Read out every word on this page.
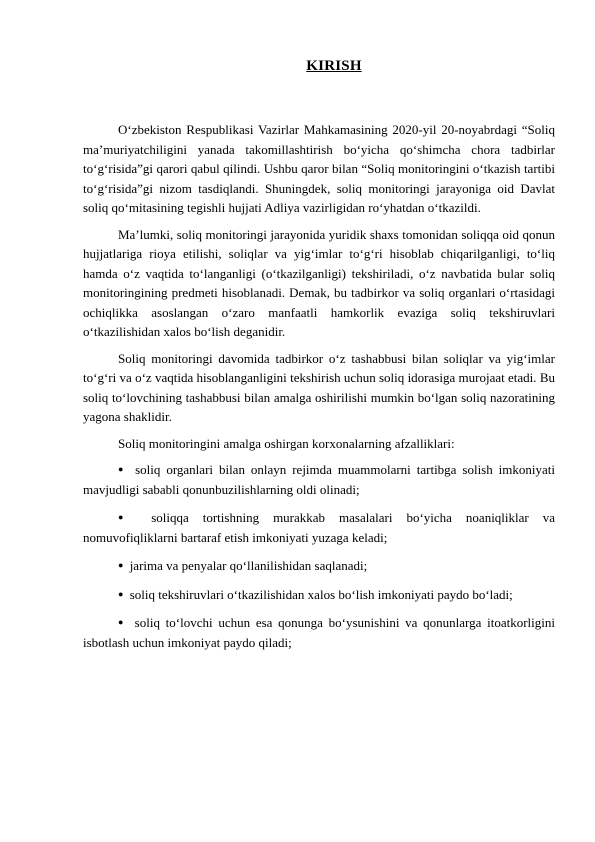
KIRISH

O‘zbekiston Respublikasi Vazirlar Mahkamasining 2020-yil 20-noyabrdagi “Soliq ma’muriyatchiligini yanada takomillashtirish bo‘yicha qo‘shimcha chora tadbirlar to‘g‘risida”gi qarori qabul qilindi. Ushbu qaror bilan “Soliq monitoringini o‘tkazish tartibi to‘g‘risida”gi nizom tasdiqlandi. Shuningdek, soliq monitoringi jarayoniga oid Davlat soliq qo‘mitasining tegishli hujjati Adliya vazirligidan ro‘yhatdan o‘tkazildi.

Ma’lumki, soliq monitoringi jarayonida yuridik shaxs tomonidan soliqqa oid qonun hujjatlariga rioya etilishi, soliqlar va yig‘imlar to‘g‘ri hisoblab chiqarilganligi, to‘liq hamda o‘z vaqtida to‘langanligi (o‘tkazilganligi) tekshiriladi, o‘z navbatida bular soliq monitoringining predmeti hisoblanadi. Demak, bu tadbirkor va soliq organlari o‘rtasidagi ochiqlikka asoslangan o‘zaro manfaatli hamkorlik evaziga soliq tekshiruvlari o‘tkazilishidan xalos bo‘lish deganidir.

Soliq monitoringi davomida tadbirkor o‘z tashabbusi bilan soliqlar va yig‘imlar to‘g‘ri va o‘z vaqtida hisoblanganligini tekshirish uchun soliq idorasiga murojaat etadi. Bu soliq to‘lovchining tashabbusi bilan amalga oshirilishi mumkin bo‘lgan soliq nazoratining yagona shaklidir.

Soliq monitoringini amalga oshirgan korxonalarning afzalliklari:

● soliq organlari bilan onlayn rejimda muammolarni tartibga solish imkoniyati mavjudligi sababli qonunbuzilishlarning oldi olinadi;

● soliqqa tortishning murakkab masalalari bo‘yicha noaniqliklar va nomuvofiqliklarni bartaraf etish imkoniyati yuzaga keladi;

● jarima va penyalar qo‘llanilishidan saqlanadi;

● soliq tekshiruvlari o‘tkazilishidan xalos bo‘lish imkoniyati paydo bo‘ladi;

● soliq to‘lovchi uchun esa qonunga bo‘ysunishini va qonunlarga itoatkorligini isbotlash uchun imkoniyat paydo qiladi;
